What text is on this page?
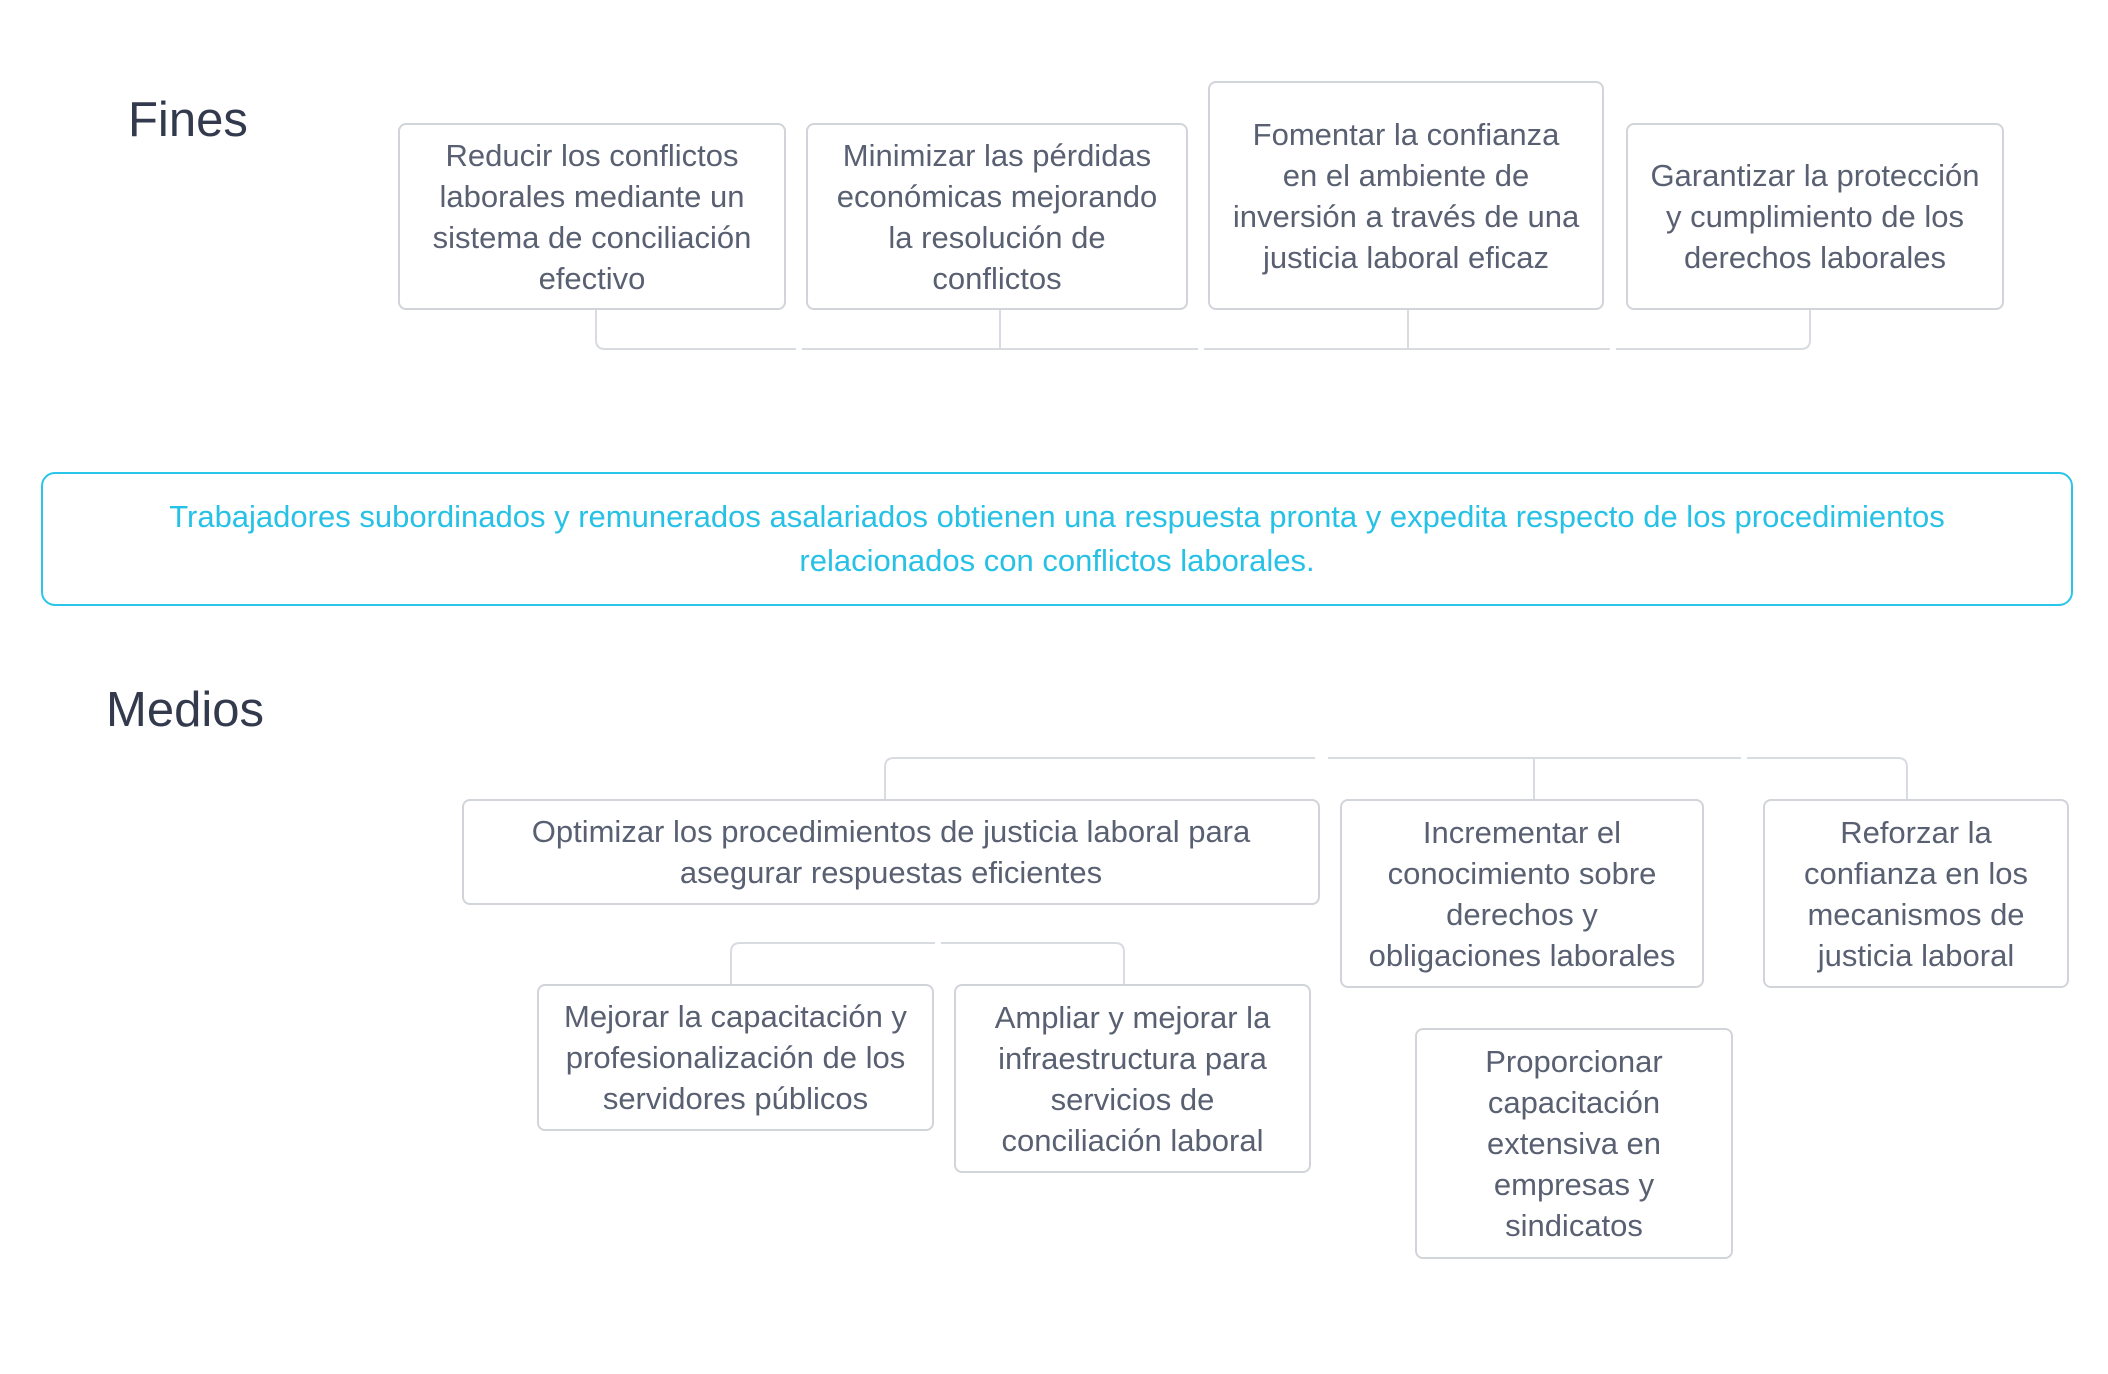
Fines
Reducir los conflictos laborales mediante un sistema de conciliación efectivo
Minimizar las pérdidas económicas mejorando la resolución de conflictos
Fomentar la confianza en el ambiente de inversión a través de una justicia laboral eficaz
Garantizar la protección y cumplimiento de los derechos laborales
Trabajadores subordinados y remunerados asalariados obtienen una respuesta pronta y expedita respecto de los procedimientos relacionados con conflictos laborales.
Medios
Optimizar los procedimientos de justicia laboral para asegurar respuestas eficientes
Incrementar el conocimiento sobre derechos y obligaciones laborales
Reforzar la confianza en los mecanismos de justicia laboral
Mejorar la capacitación y profesionalización de los servidores públicos
Ampliar y mejorar la infraestructura para servicios de conciliación laboral
Proporcionar capacitación extensiva en empresas y sindicatos
